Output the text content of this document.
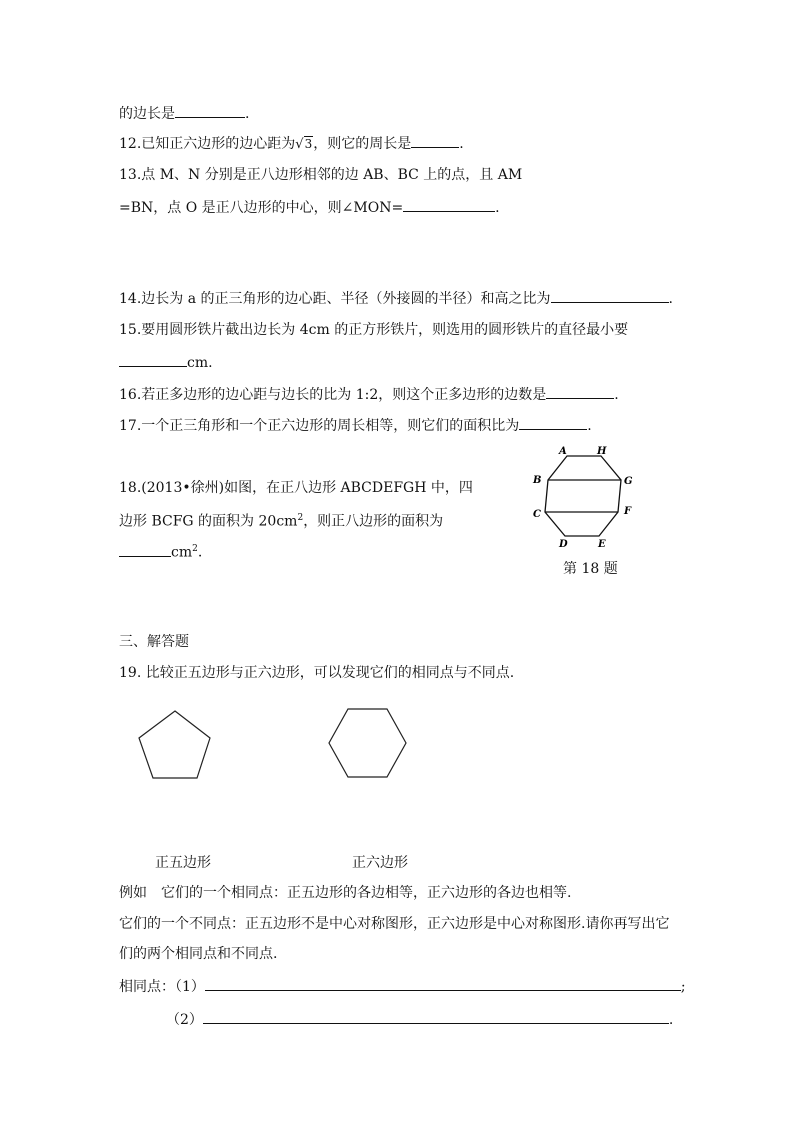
的边长是	.
12.已知正六边形的边心距为√3，则它的周长是	.
13.点 M、N 分别是正八边形相邻的边 AB、BC 上的点，且 AM
=BN，点 O 是正八边形的中心，则∠MON=	.
14.边长为 a 的正三角形的边心距、半径（外接圆的半径）和高之比为	.
15.要用圆形铁片截出边长为 4cm 的正方形铁片，则选用的圆形铁片的直径最小要
cm.
16.若正多边形的边心距与边长的比为 1:2，则这个正多边形的边数是	.
17.一个正三角形和一个正六边形的周长相等，则它们的面积比为	.
18.(2013•徐州)如图，在正八边形 ABCDEFGH 中，四
边形 BCFG 的面积为 $20cm^2$，则正八边形的面积为
$cm^2$.
A	H
B	G
C	F
D	E
第 18 题
三、解答题
19. 比较正五边形与正六边形，可以发现它们的相同点与不同点.
正五边形	正六边形
例如　它们的一个相同点：正五边形的各边相等，正六边形的各边也相等.
它们的一个不同点：正五边形不是中心对称图形，正六边形是中心对称图形.请你再写出它
们的两个相同点和不同点.
相同点：（1）	;
（2）	.
